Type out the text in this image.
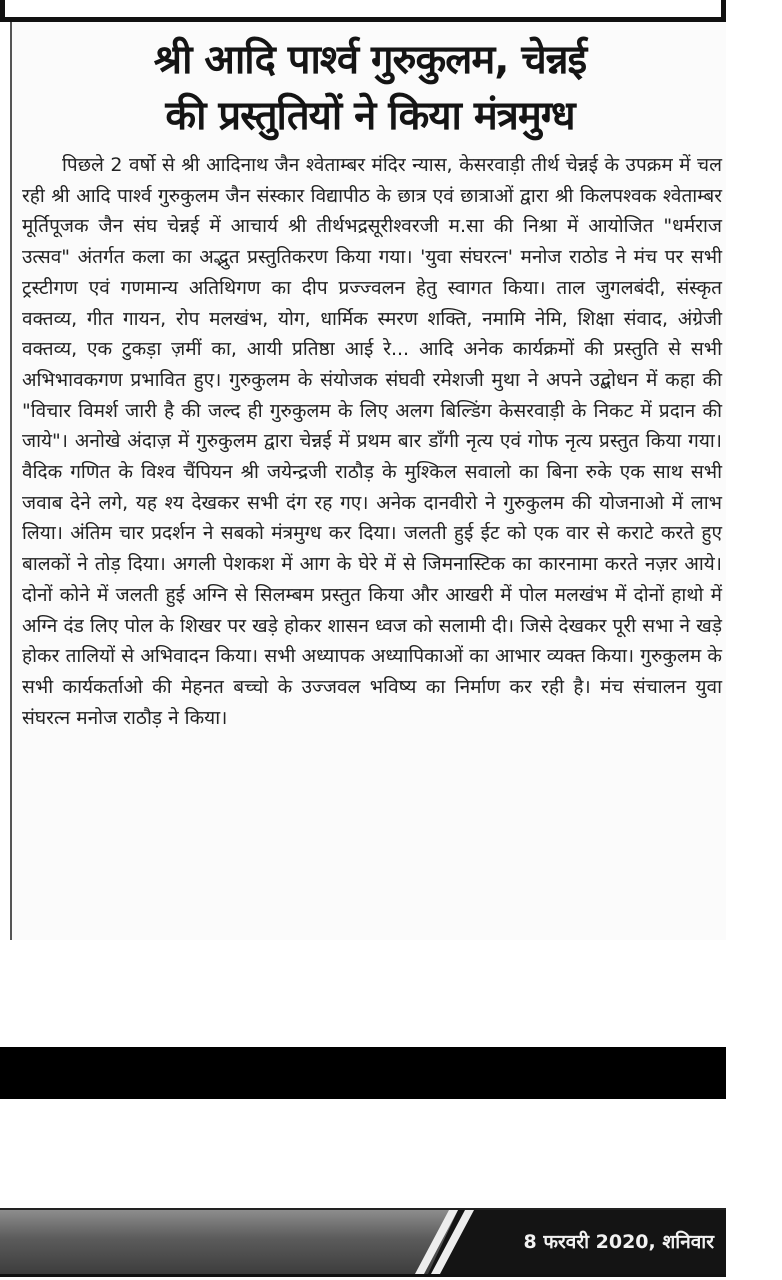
श्री आदि पार्श्व गुरुकुलम, चेन्नई
की प्रस्तुतियों ने किया मंत्रमुग्ध

पिछले 2 वर्षो से श्री आदिनाथ जैन श्वेताम्बर मंदिर न्यास, केसरवाड़ी तीर्थ चेन्नई के उपक्रम में चल रही श्री आदि पार्श्व गुरुकुलम जैन संस्कार विद्यापीठ के छात्र एवं छात्राओं द्वारा श्री किलपश्वक श्वेताम्बर मूर्तिपूजक जैन संघ चेन्नई में आचार्य श्री तीर्थभद्रसूरीश्वरजी म.सा की निश्रा में आयोजित "धर्मराज उत्सव" अंतर्गत कला का अद्भुत प्रस्तुतिकरण किया गया। 'युवा संघरत्न' मनोज राठोड ने मंच पर सभी ट्रस्टीगण एवं गणमान्य अतिथिगण का दीप प्रज्ज्वलन हेतु स्वागत किया। ताल जुगलबंदी, संस्कृत वक्तव्य, गीत गायन, रोप मलखंभ, योग, धार्मिक स्मरण शक्ति, नमामि नेमि, शिक्षा संवाद, अंग्रेजी वक्तव्य, एक टुकड़ा ज़मीं का, आयी प्रतिष्ठा आई रे... आदि अनेक कार्यक्रमों की प्रस्तुति से सभी अभिभावकगण प्रभावित हुए। गुरुकुलम के संयोजक संघवी रमेशजी मुथा ने अपने उद्बोधन में कहा की "विचार विमर्श जारी है की जल्द ही गुरुकुलम के लिए अलग बिल्डिंग केसरवाड़ी के निकट में प्रदान की जाये"। अनोखे अंदाज़ में गुरुकुलम द्वारा चेन्नई में प्रथम बार डाँगी नृत्य एवं गोफ नृत्य प्रस्तुत किया गया। वैदिक गणित के विश्व चैंपियन श्री जयेन्द्रजी राठौड़ के मुश्किल सवालो का बिना रुके एक साथ सभी जवाब देने लगे, यह श्य देखकर सभी दंग रह गए। अनेक दानवीरो ने गुरुकुलम की योजनाओ में लाभ लिया। अंतिम चार प्रदर्शन ने सबको मंत्रमुग्ध कर दिया। जलती हुई ईट को एक वार से कराटे करते हुए बालकों ने तोड़ दिया। अगली पेशकश में आग के घेरे में से जिमनास्टिक का कारनामा करते नज़र आये। दोनों कोने में जलती हुई अग्नि से सिलम्बम प्रस्तुत किया और आखरी में पोल मलखंभ में दोनों हाथो में अग्नि दंड लिए पोल के शिखर पर खड़े होकर शासन ध्वज को सलामी दी। जिसे देखकर पूरी सभा ने खड़े होकर तालियों से अभिवादन किया। सभी अध्यापक अध्यापिकाओं का आभार व्यक्त किया। गुरुकुलम के सभी कार्यकर्ताओ की मेहनत बच्चो के उज्जवल भविष्य का निर्माण कर रही है। मंच संचालन युवा संघरत्न मनोज राठौड़ ने किया।

8 फरवरी 2020, शनिवार
